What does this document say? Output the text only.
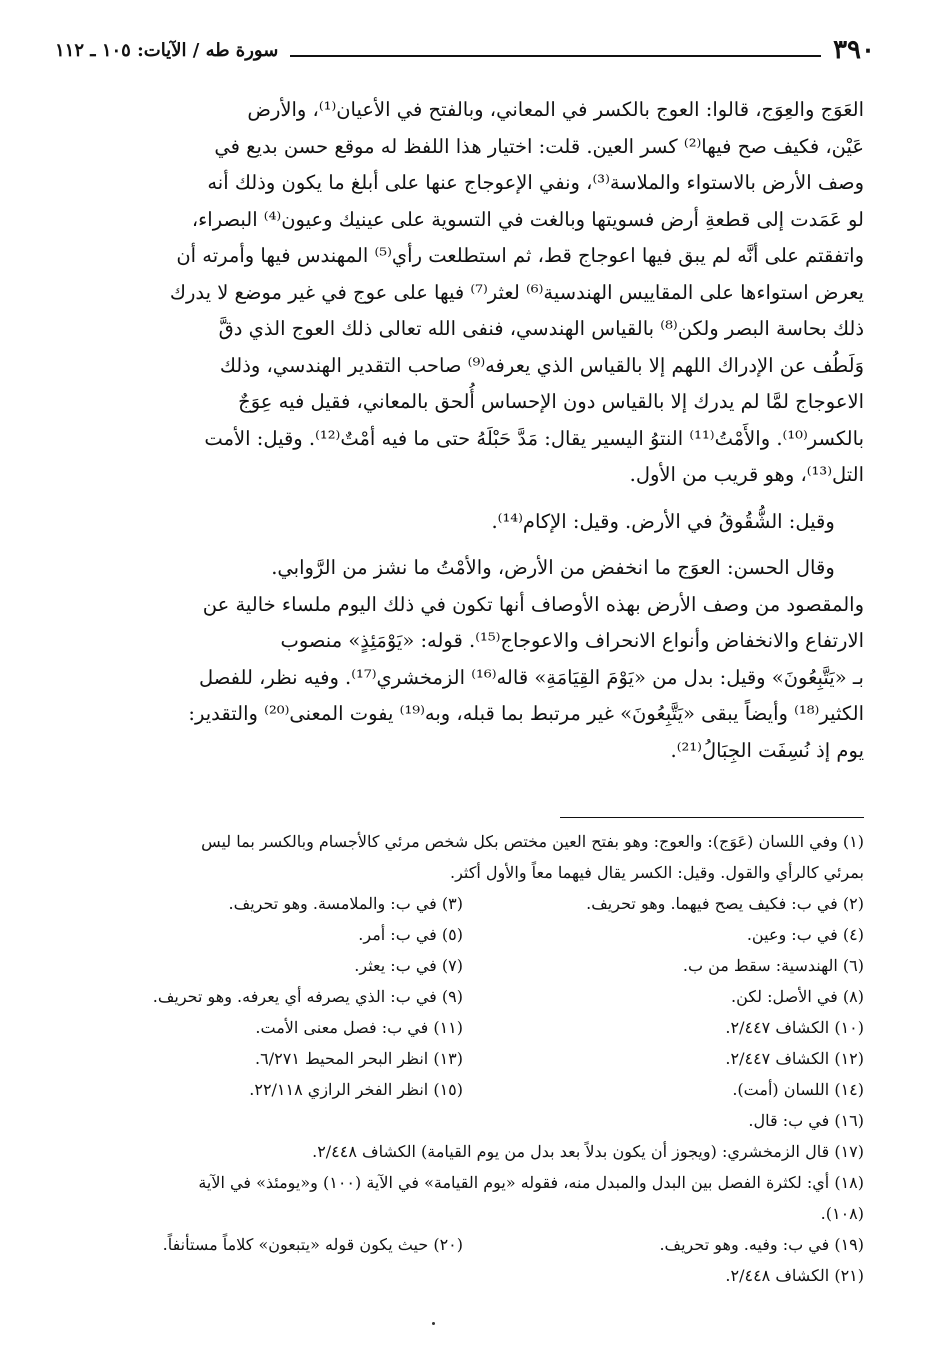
سورة طه / الآيات: ١٠٥ ـ ١١٢	٣٩٠

العَوَج والعِوَج، قالوا: العوج بالكسر في المعاني، وبالفتح في الأعيان⁽¹⁾، والأرض
عَيْن، فكيف صح فيها⁽²⁾ كسر العين. قلت: اختيار هذا اللفظ له موقع حسن بديع في
وصف الأرض بالاستواء والملاسة⁽³⁾، ونفي الإعوجاج عنها على أبلغ ما يكون وذلك أنه
لو عَمَدت إلى قطعةِ أرض فسويتها وبالغت في التسوية على عينيك وعيون⁽⁴⁾ البصراء،
واتفقتم على أنَّه لم يبق فيها اعوجاج قط، ثم استطلعت رأي⁽⁵⁾ المهندس فيها وأمرته أن
يعرض استواءها على المقاييس الهندسية⁽⁶⁾ لعثر⁽⁷⁾ فيها على عوج في غير موضع لا يدرك
ذلك بحاسة البصر ولكن⁽⁸⁾ بالقياس الهندسي، فنفى الله تعالى ذلك العوج الذي دقَّ
وَلَطُف عن الإدراك اللهم إلا بالقياس الذي يعرفه⁽⁹⁾ صاحب التقدير الهندسي، وذلك
الاعوجاج لمَّا لم يدرك إلا بالقياس دون الإحساس أُلحق بالمعاني، فقيل فيه عِوَجٌ
بالكسر⁽¹⁰⁾. والأَمْتُ⁽¹¹⁾ النتوُ اليسير يقال: مَدَّ حَبْلَهُ حتى ما فيه أمْتٌ⁽¹²⁾. وقيل: الأمت
التل⁽¹³⁾، وهو قريب من الأول.

وقيل: الشُّقُوقُ في الأرض. وقيل: الإكام⁽¹⁴⁾.

وقال الحسن: العوَج ما انخفض من الأرض، والأمْتُ ما نشز من الرَّوابي.
والمقصود من وصف الأرض بهذه الأوصاف أنها تكون في ذلك اليوم ملساء خالية عن
الارتفاع والانخفاض وأنواع الانحراف والاعوجاج⁽¹⁵⁾. قوله: «يَوْمَئِذٍ» منصوب
بـ «يَتَّبِعُونَ» وقيل: بدل من «يَوْمَ القِيَامَةِ» قاله⁽¹⁶⁾ الزمخشري⁽¹⁷⁾. وفيه نظر، للفصل
الكثير⁽¹⁸⁾ وأيضاً يبقى «يَتَّبِعُونَ» غير مرتبط بما قبله، وبه⁽¹⁹⁾ يفوت المعنى⁽²⁰⁾ والتقدير:
يوم إذ نُسِفَت الجِبَالُ⁽²¹⁾.

(١) وفي اللسان (عَوَج): والعوج: وهو بفتح العين مختص بكل شخص مرئي كالأجسام وبالكسر بما ليس
بمرئي كالرأي والقول. وقيل: الكسر يقال فيهما معاً والأول أكثر.
(٢) في ب: فكيف يصح فيهما. وهو تحريف.
(٣) في ب: والملامسة. وهو تحريف.
(٤) في ب: وعين.
(٥) في ب: أمر.
(٦) الهندسية: سقط من ب.
(٧) في ب: يعثر.
(٨) في الأصل: لكن.
(٩) في ب: الذي يصرفه أي يعرفه. وهو تحريف.
(١٠) الكشاف ٢/٤٤٧.
(١١) في ب: فصل معنى الأمت.
(١٢) الكشاف ٢/٤٤٧.
(١٣) انظر البحر المحيط ٦/٢٧١.
(١٤) اللسان (أمت).
(١٥) انظر الفخر الرازي ٢٢/١١٨.
(١٦) في ب: قال.
(١٧) قال الزمخشري: (ويجوز أن يكون بدلاً بعد بدل من يوم القيامة) الكشاف ٢/٤٤٨.
(١٨) أي: لكثرة الفصل بين البدل والمبدل منه، فقوله «يوم القيامة» في الآية (١٠٠) و«يومئذ» في الآية
(١٠٨).
(١٩) في ب: وفيه. وهو تحريف.
(٢٠) حيث يكون قوله «يتبعون» كلاماً مستأنفاً.
(٢١) الكشاف ٢/٤٤٨.
